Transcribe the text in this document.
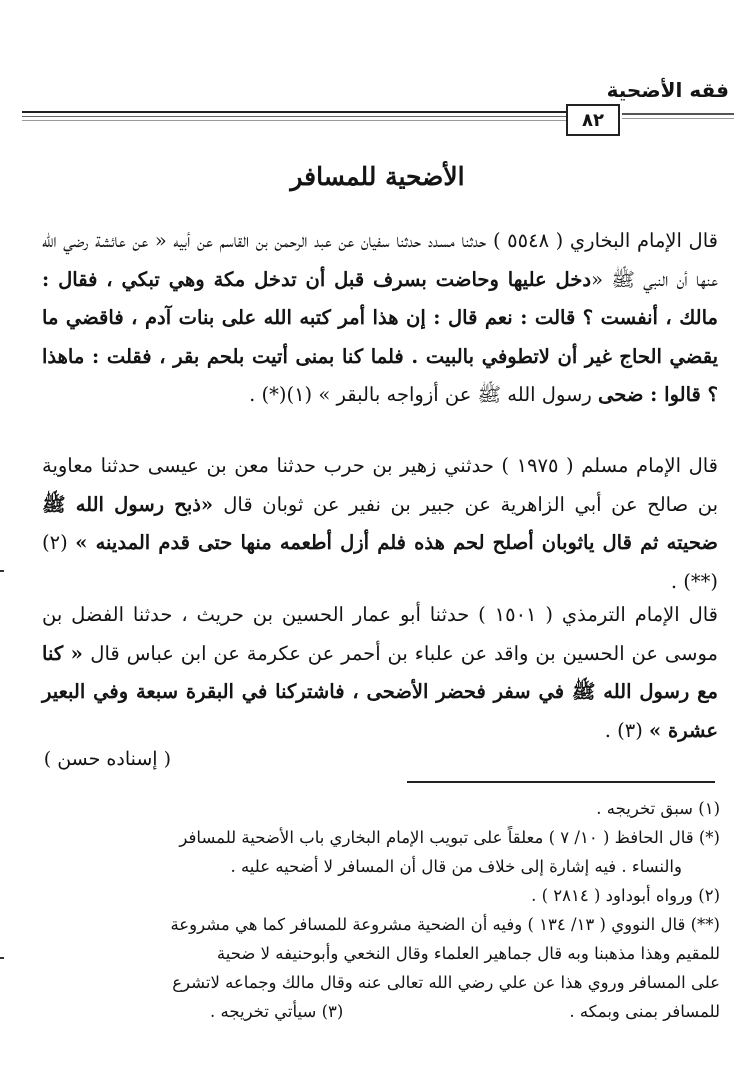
فقه الأضحية
٨٢
الأضحية للمسافر
قال الإمام البخاري ( ٥٥٤٨ ) حدثنا مسدد حدثنا سفيان عن عبد الرحمن بن القاسم عن أبيه « عن عائشة رضي الله عنها أن النبي ﷺ «دخل عليها وحاضت بسرف قبل أن تدخل مكة وهي تبكي ، فقال : مالك ، أنفست ؟ قالت : نعم قال : إن هذا أمر كتبه الله على بنات آدم ، فاقضي ما يقضي الحاج غير أن لاتطوفي بالبيت . فلما كنا بمنى أتيت بلحم بقر ، فقلت : ماهذا ؟ قالوا : ضحى رسول الله ﷺ عن أزواجه بالبقر » (١)(*) .
قال الإمام مسلم ( ١٩٧٥ ) حدثني زهير بن حرب حدثنا معن بن عيسى حدثنا معاوية بن صالح عن أبي الزاهرية عن جبير بن نفير عن ثوبان قال «ذبح رسول الله ﷺ ضحيته ثم قال ياثوبان أصلح لحم هذه فلم أزل أطعمه منها حتى قدم المدينه » (٢)(**) .
قال الإمام الترمذي ( ١٥٠١ ) حدثنا أبو عمار الحسين بن حريث ، حدثنا الفضل بن موسى عن الحسين بن واقد عن علباء بن أحمر عن عكرمة عن ابن عباس قال « كنا مع رسول الله ﷺ في سفر فحضر الأضحى ، فاشتركنا في البقرة سبعة وفي البعير عشرة » (٣) .
( إسناده حسن )
(١) سبق تخريجه .
(*) قال الحافظ ( ١٠/ ٧ ) معلقاً على تبويب الإمام البخاري باب الأضحية للمسافر
والنساء . فيه إشارة إلى خلاف من قال أن المسافر لا أضحيه عليه .
(٢) ورواه أبوداود ( ٢٨١٤ ) .
(**) قال النووي ( ١٣/ ١٣٤ ) وفيه أن الضحية مشروعة للمسافر كما هي مشروعة
للمقيم وهذا مذهبنا وبه قال جماهير العلماء وقال النخعي وأبوحنيفه لا ضحية
على المسافر وروي هذا عن علي رضي الله تعالى عنه وقال مالك وجماعه لاتشرع
للمسافر بمنى وبمكه .
(٣) سيأتي تخريجه .
